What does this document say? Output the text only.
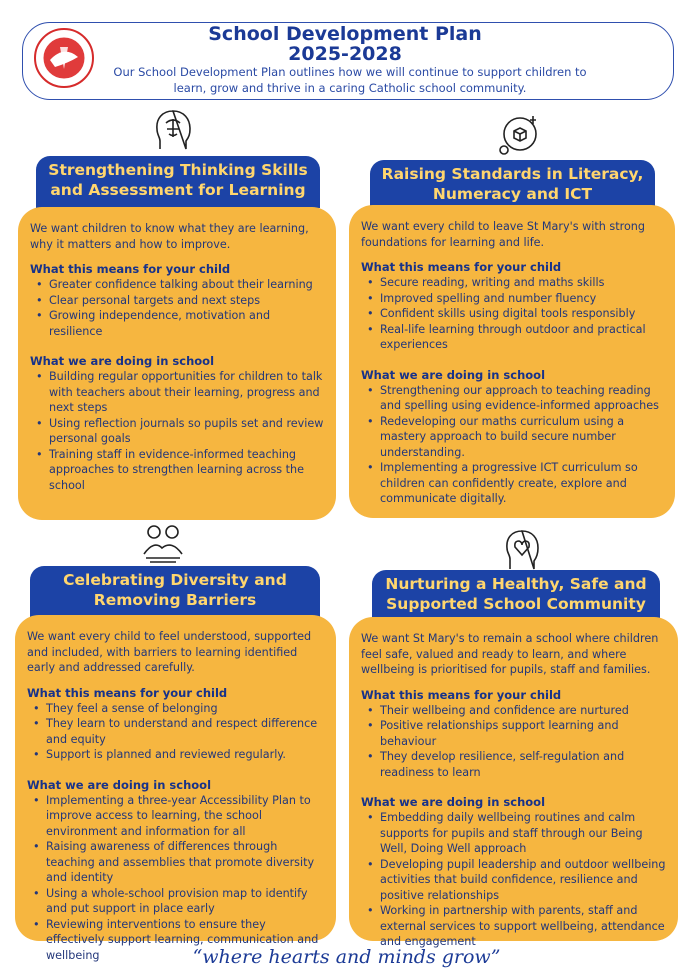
School Development Plan
2025-2028
Our School Development Plan outlines how we will continue to support children to learn, grow and thrive in a caring Catholic school community.
Strengthening Thinking Skills and Assessment for Learning

We want children to know what they are learning, why it matters and how to improve.

What this means for your child
• Greater confidence talking about their learning
• Clear personal targets and next steps
• Growing independence, motivation and resilience
What we are doing in school
• Building regular opportunities for children to talk with teachers about their learning, progress and next steps
• Using reflection journals so pupils set and review personal goals
• Training staff in evidence-informed teaching approaches to strengthen learning across the school
Raising Standards in Literacy, Numeracy and ICT

We want every child to leave St Mary's with strong foundations for learning and life.

What this means for your child
• Secure reading, writing and maths skills
• Improved spelling and number fluency
• Confident skills using digital tools responsibly
• Real-life learning through outdoor and practical experiences
What we are doing in school
• Strengthening our approach to teaching reading and spelling using evidence-informed approaches
• Redeveloping our maths curriculum using a mastery approach to build secure number understanding.
• Implementing a progressive ICT curriculum so children can confidently create, explore and communicate digitally.
Celebrating Diversity and Removing Barriers

We want every child to feel understood, supported and included, with barriers to learning identified early and addressed carefully.

What this means for your child
• They feel a sense of belonging
• They learn to understand and respect difference and equity
• Support is planned and reviewed regularly.
What we are doing in school
• Implementing a three-year Accessibility Plan to improve access to learning, the school environment and information for all
• Raising awareness of differences through teaching and assemblies that promote diversity and identity
• Using a whole-school provision map to identify and put support in place early
• Reviewing interventions to ensure they effectively support learning, communication and wellbeing
Nurturing a Healthy, Safe and Supported School Community

We want St Mary's to remain a school where children feel safe, valued and ready to learn, and where wellbeing is prioritised for pupils, staff and families.

What this means for your child
• Their wellbeing and confidence are nurtured
• Positive relationships support learning and behaviour
• They develop resilience, self-regulation and readiness to learn
What we are doing in school
• Embedding daily wellbeing routines and calm supports for pupils and staff through our Being Well, Doing Well approach
• Developing pupil leadership and outdoor wellbeing activities that build confidence, resilience and positive relationships
• Working in partnership with parents, staff and external services to support wellbeing, attendance and engagement
“where hearts and minds grow”
